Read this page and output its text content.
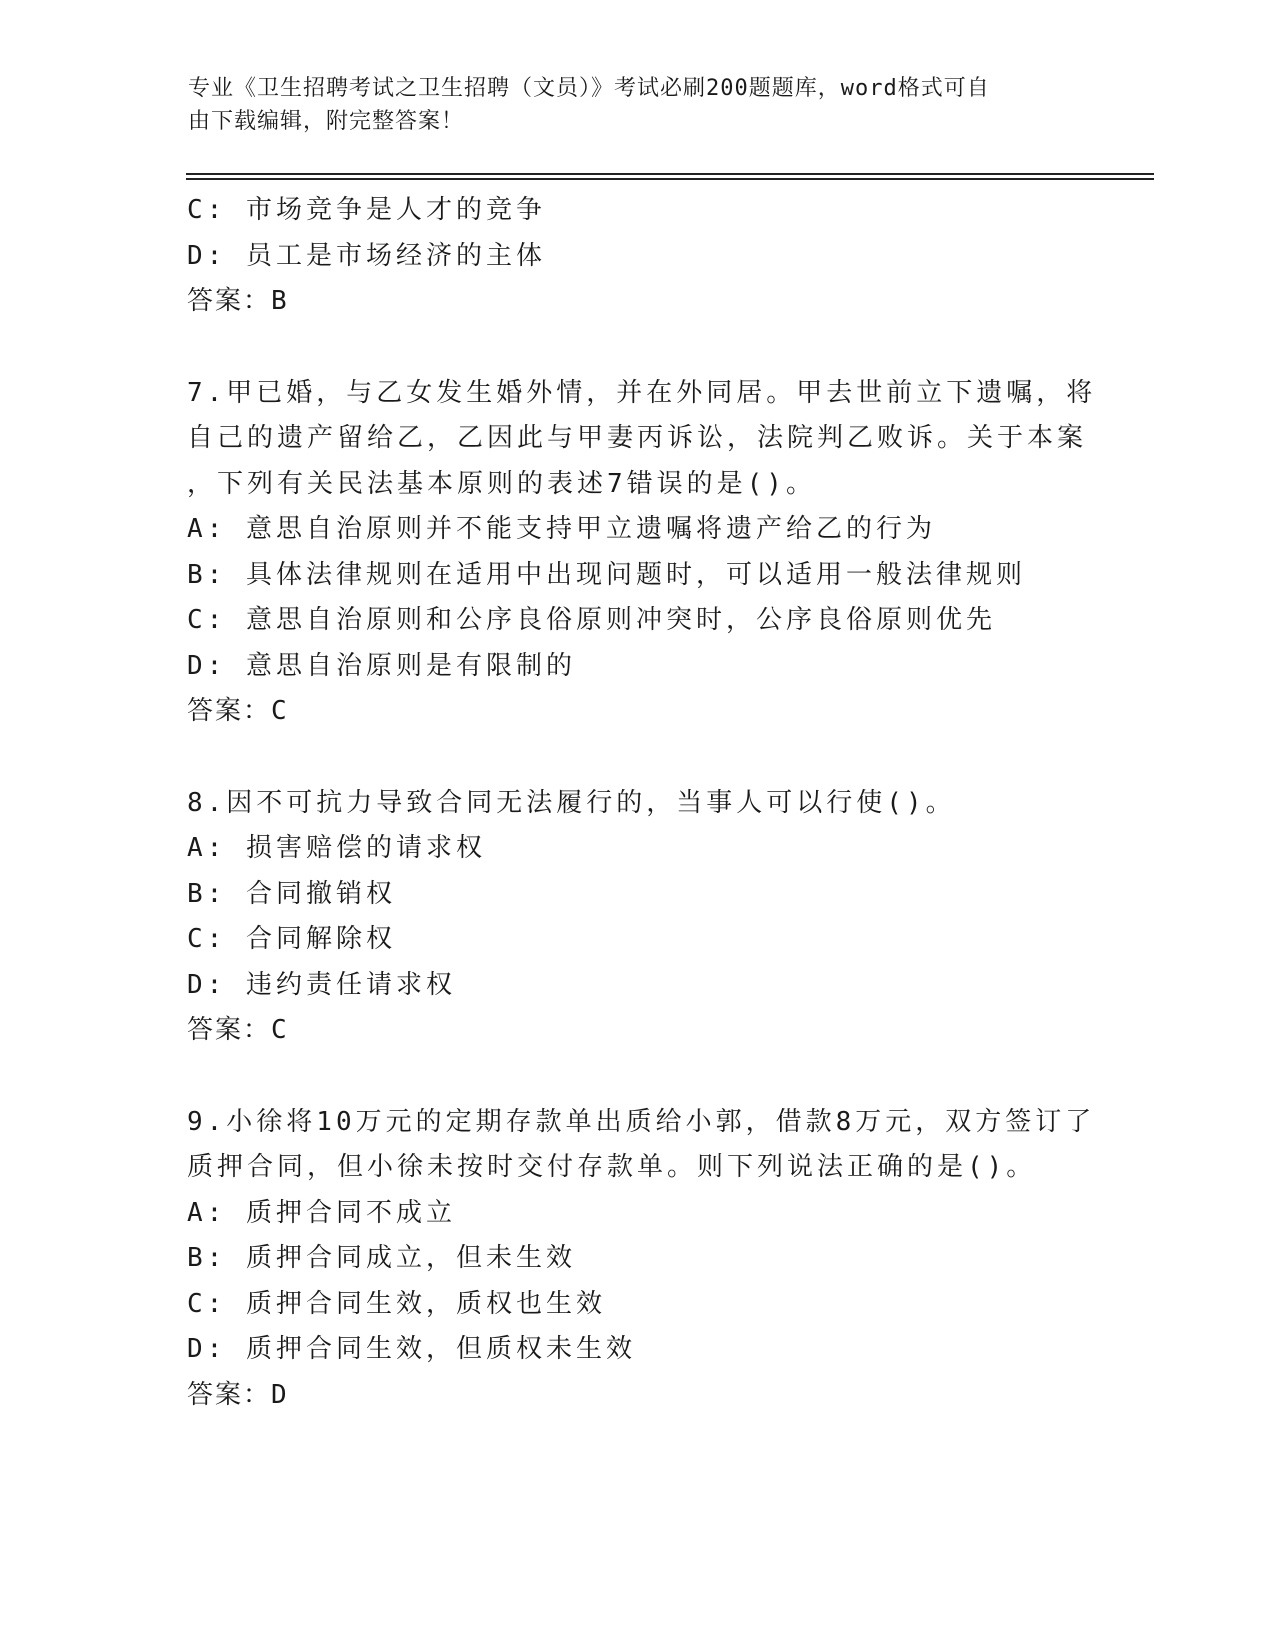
专业《卫生招聘考试之卫生招聘（文员）》考试必刷200题题库，word格式可自
由下载编辑，附完整答案！
C: 市场竞争是人才的竞争
D: 员工是市场经济的主体
答案：B
7.甲已婚，与乙女发生婚外情，并在外同居。甲去世前立下遗嘱，将
自己的遗产留给乙，乙因此与甲妻丙诉讼，法院判乙败诉。关于本案
，下列有关民法基本原则的表述7错误的是()。
A: 意思自治原则并不能支持甲立遗嘱将遗产给乙的行为
B: 具体法律规则在适用中出现问题时，可以适用一般法律规则
C: 意思自治原则和公序良俗原则冲突时，公序良俗原则优先
D: 意思自治原则是有限制的
答案：C
8.因不可抗力导致合同无法履行的，当事人可以行使()。
A: 损害赔偿的请求权
B: 合同撤销权
C: 合同解除权
D: 违约责任请求权
答案：C
9.小徐将10万元的定期存款单出质给小郭，借款8万元，双方签订了
质押合同，但小徐未按时交付存款单。则下列说法正确的是()。
A: 质押合同不成立
B: 质押合同成立，但未生效
C: 质押合同生效，质权也生效
D: 质押合同生效，但质权未生效
答案：D
